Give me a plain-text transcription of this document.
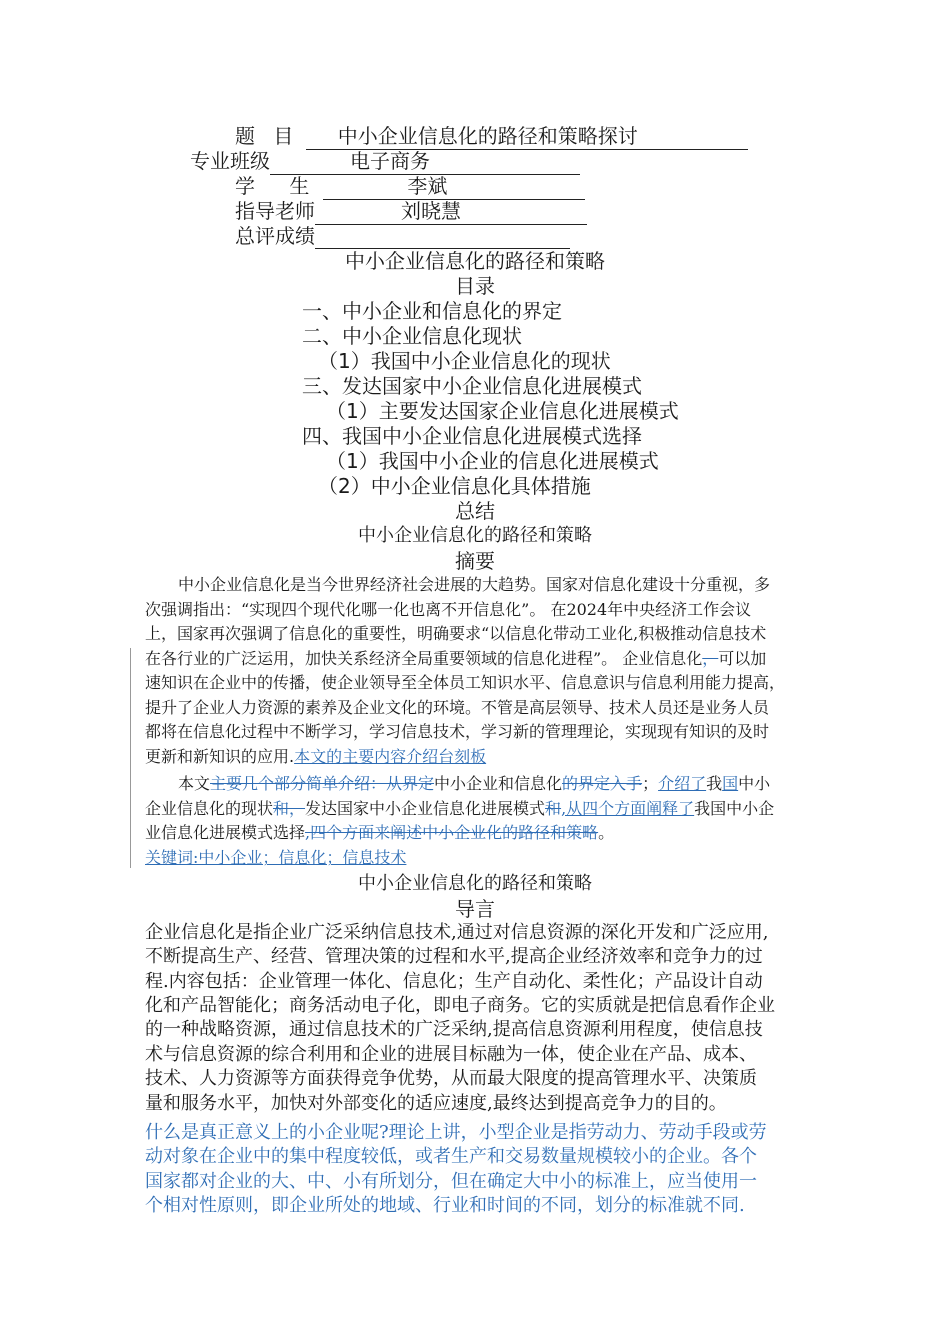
题 目 中小企业信息化的路径和策略探讨
专业班级	电子商务
学 生	李斌
指导老师	刘晓慧
总评成绩
中小企业信息化的路径和策略
目录
一、中小企业和信息化的界定
二、中小企业信息化现状
（1）我国中小企业信息化的现状
三、发达国家中小企业信息化进展模式
（1）主要发达国家企业信息化进展模式
四、我国中小企业信息化进展模式选择
（1）我国中小企业的信息化进展模式
（2）中小企业信息化具体措施
总结
中小企业信息化的路径和策略
摘要
中小企业信息化是当今世界经济社会进展的大趋势。国家对信息化建设十分重视，多
次强调指出：“实现四个现代化哪一化也离不开信息化”。 在2024年中央经济工作会议
上，国家再次强调了信息化的重要性，明确要求“以信息化带动工业化,积极推动信息技术
在各行业的广泛运用，加快关系经济全局重要领域的信息化进程”。 企业信息化，可以加
速知识在企业中的传播，使企业领导至全体员工知识水平、信息意识与信息利用能力提高，
提升了企业人力资源的素养及企业文化的环境。不管是高层领导、技术人员还是业务人员
都将在信息化过程中不断学习，学习信息技术，学习新的管理理论，实现现有知识的及时
更新和新知识的应用.本文的主要内容介绍台刻板
本文主要几个部分简单介绍：从界定中小企业和信息化的界定入手；介绍了我国中小
企业信息化的现状和，发达国家中小企业信息化进展模式和,从四个方面阐释了我国中小企
业信息化进展模式选择,四个方面来阐述中小企业化的路径和策略。
关键词:中小企业；信息化；信息技术
中小企业信息化的路径和策略
导言
企业信息化是指企业广泛采纳信息技术,通过对信息资源的深化开发和广泛应用,
不断提高生产、经营、管理决策的过程和水平,提高企业经济效率和竞争力的过
程.内容包括：企业管理一体化、信息化；生产自动化、柔性化；产品设计自动
化和产品智能化；商务活动电子化，即电子商务。它的实质就是把信息看作企业
的一种战略资源，通过信息技术的广泛采纳,提高信息资源利用程度，使信息技
术与信息资源的综合利用和企业的进展目标融为一体，使企业在产品、成本、
技术、人力资源等方面获得竞争优势，从而最大限度的提高管理水平、决策质
量和服务水平，加快对外部变化的适应速度,最终达到提高竞争力的目的。
什么是真正意义上的小企业呢?理论上讲，小型企业是指劳动力、劳动手段或劳
动对象在企业中的集中程度较低，或者生产和交易数量规模较小的企业。各个
国家都对企业的大、中、小有所划分，但在确定大中小的标准上，应当使用一
个相对性原则，即企业所处的地域、行业和时间的不同，划分的标准就不同.
